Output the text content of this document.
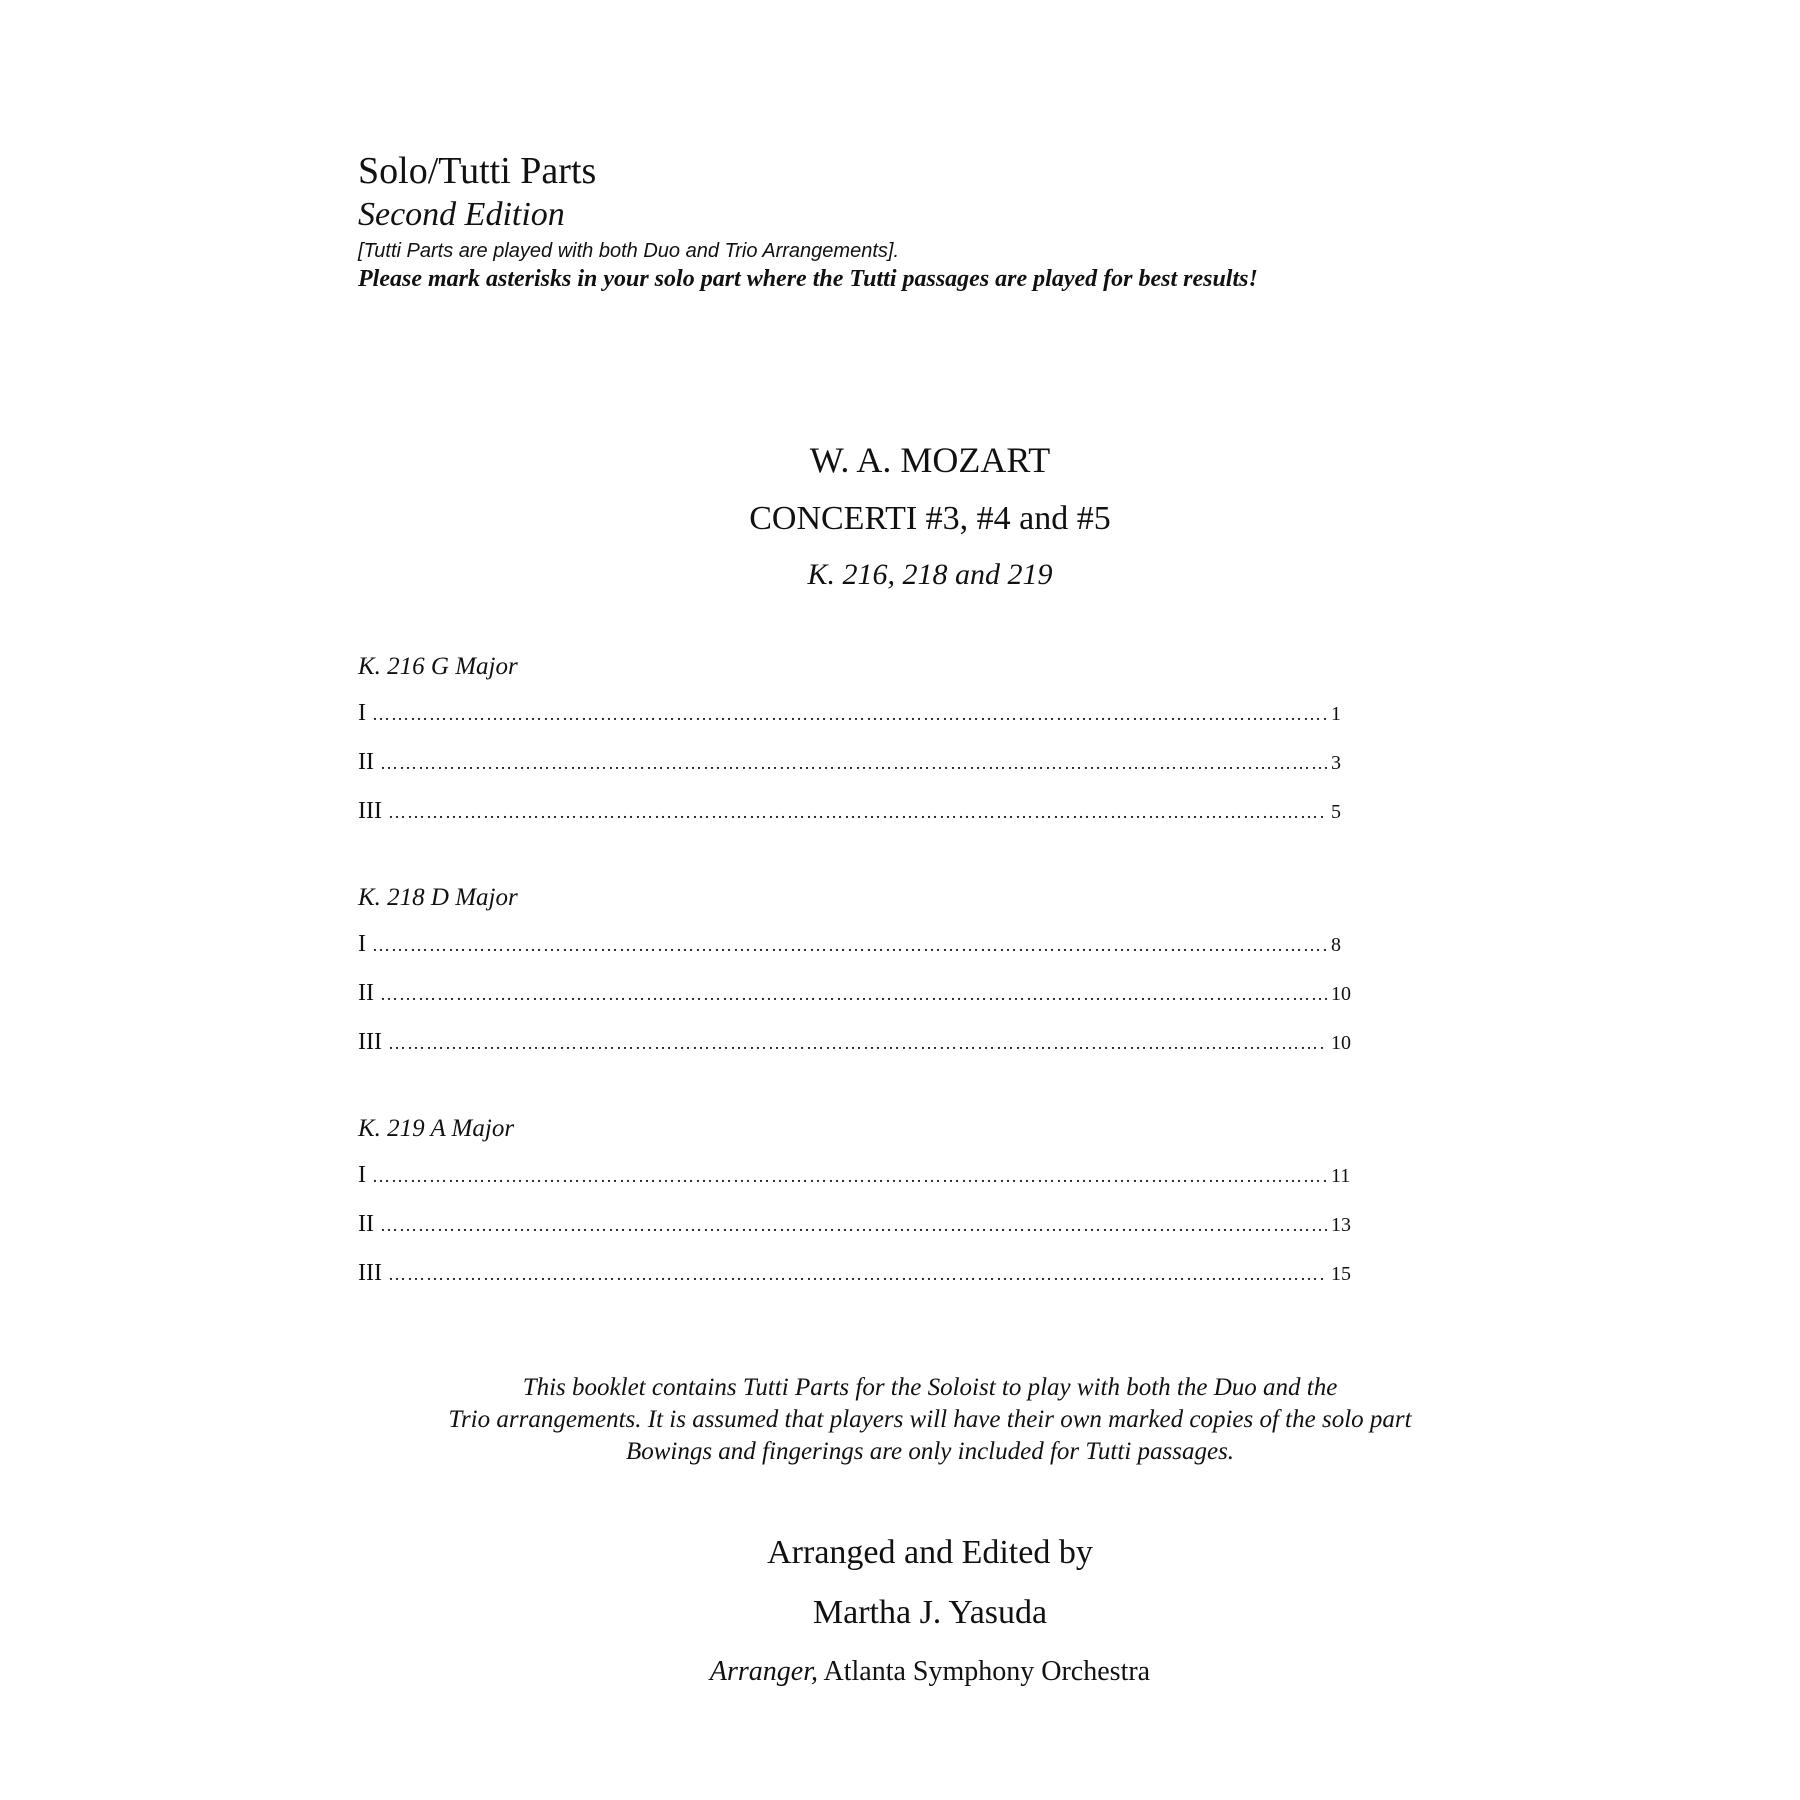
Solo/Tutti Parts
Second Edition
[Tutti Parts are played with both Duo and Trio Arrangements].
Please mark asterisks in your solo part where the Tutti passages are played for best results!
W. A. MOZART
CONCERTI #3, #4 and #5
K. 216, 218 and 219
K. 216 G Major
I ………………………………………………………………………………………………………………………………………………………………………………	1
II ………………………………………………………………………………………………………………………………………………………………………………	3
III ………………………………………………………………………………………………………………………………………………………………………………	5
K. 218 D Major
I ………………………………………………………………………………………………………………………………………………………………………………	8
II ………………………………………………………………………………………………………………………………………………………………………………	10
III ………………………………………………………………………………………………………………………………………………………………………………	10
K. 219 A Major
I ………………………………………………………………………………………………………………………………………………………………………………	11
II ………………………………………………………………………………………………………………………………………………………………………………	13
III ………………………………………………………………………………………………………………………………………………………………………………	15
This booklet contains Tutti Parts for the Soloist to play with both the Duo and the
Trio arrangements. It is assumed that players will have their own marked copies of the solo part
Bowings and fingerings are only included for Tutti passages.
Arranged and Edited by
Martha J. Yasuda
Arranger, Atlanta Symphony Orchestra
